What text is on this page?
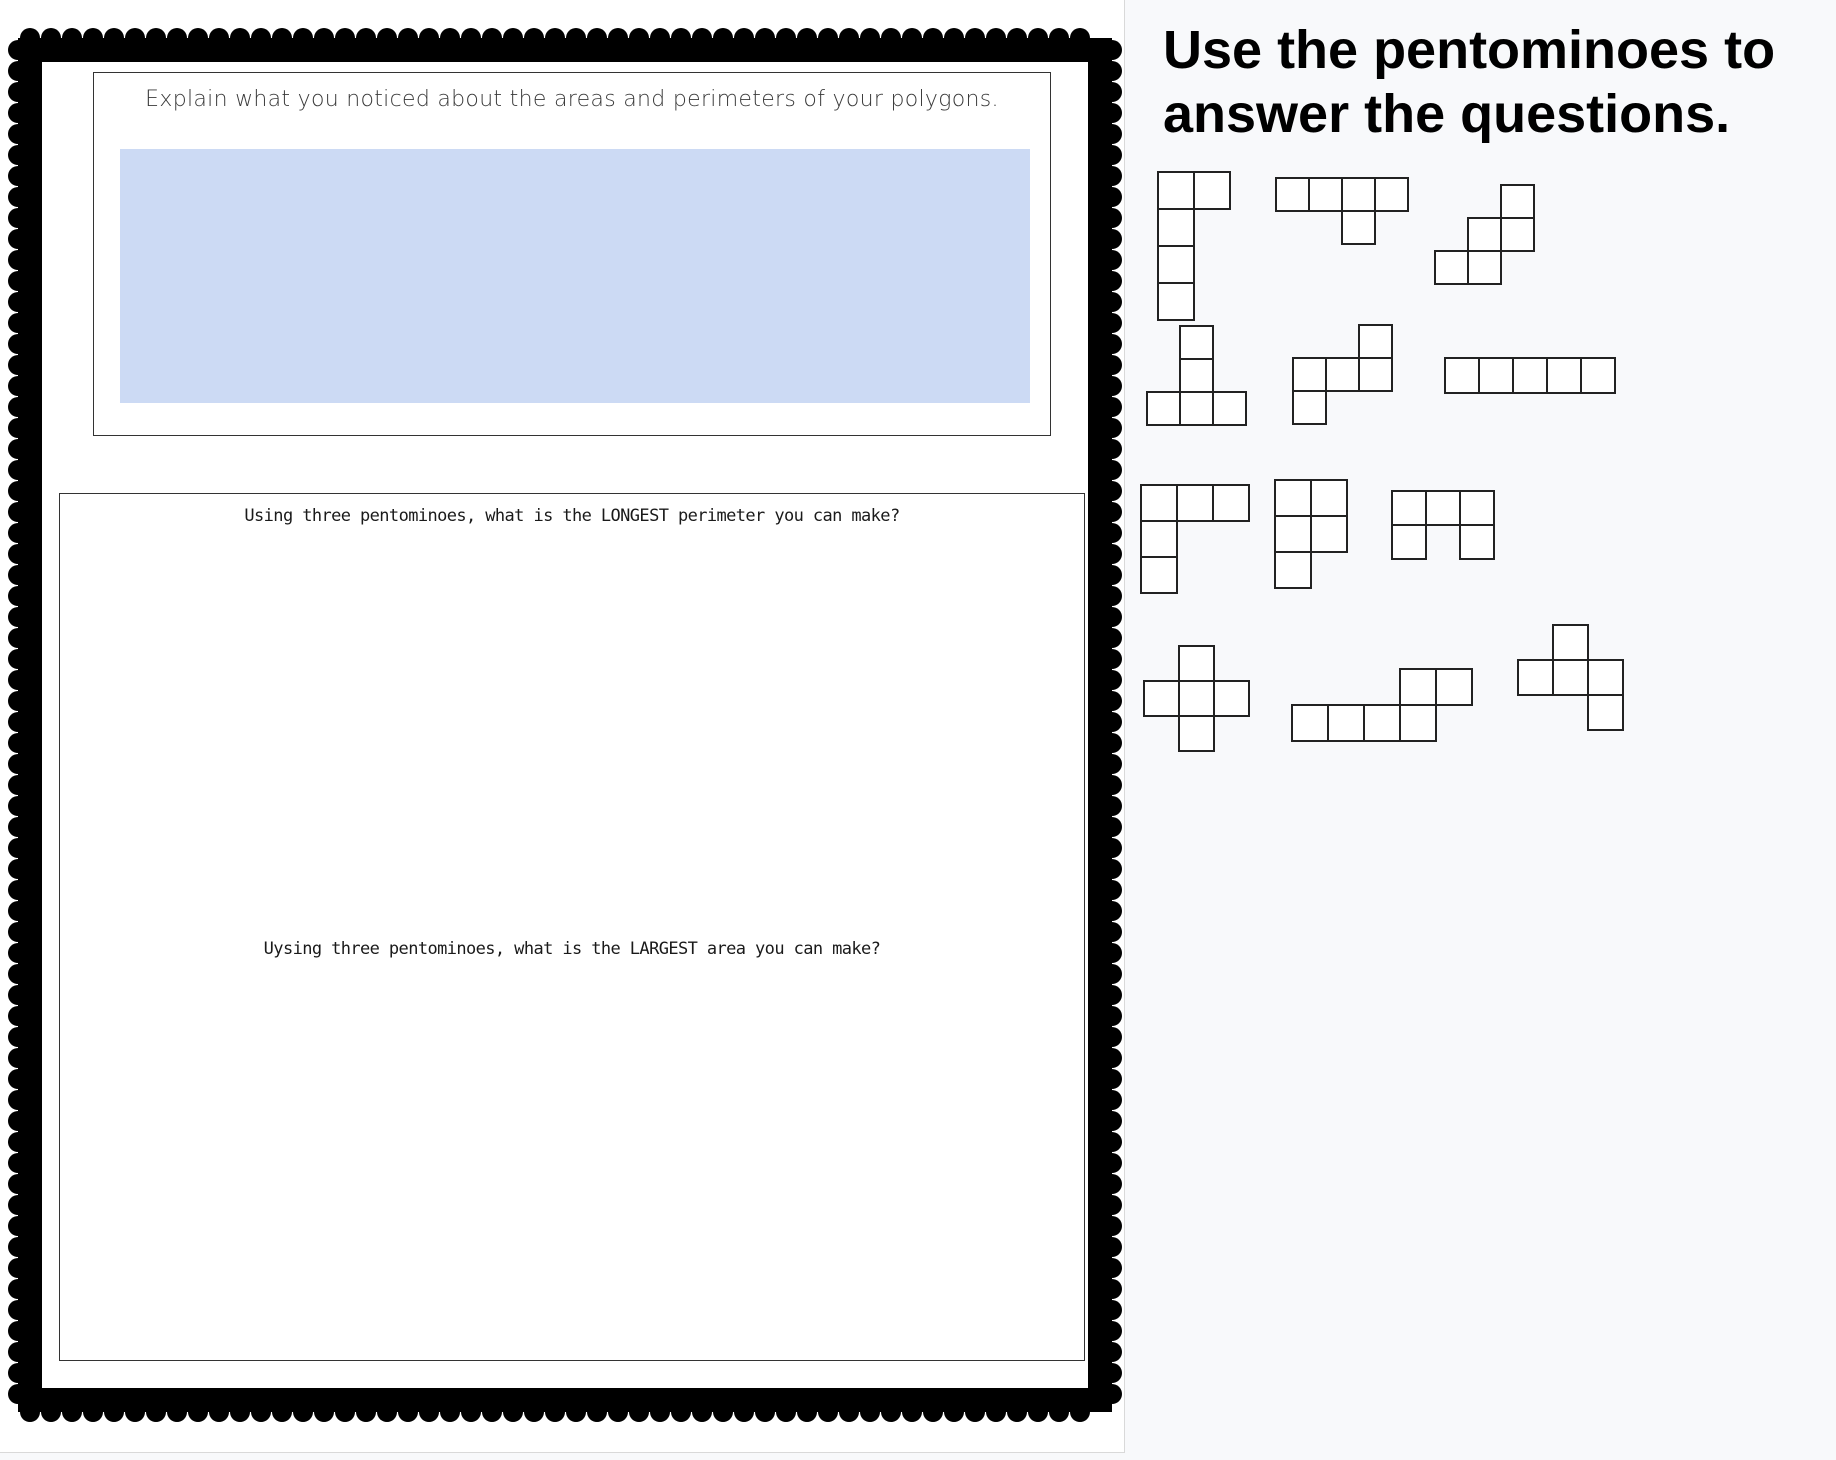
Explain what you noticed about the areas and perimeters of your polygons.
Using three pentominoes, what is the LONGEST perimeter you can make?
Uysing three pentominoes, what is the LARGEST area you can make?
Use the pentominoes to answer the questions.
